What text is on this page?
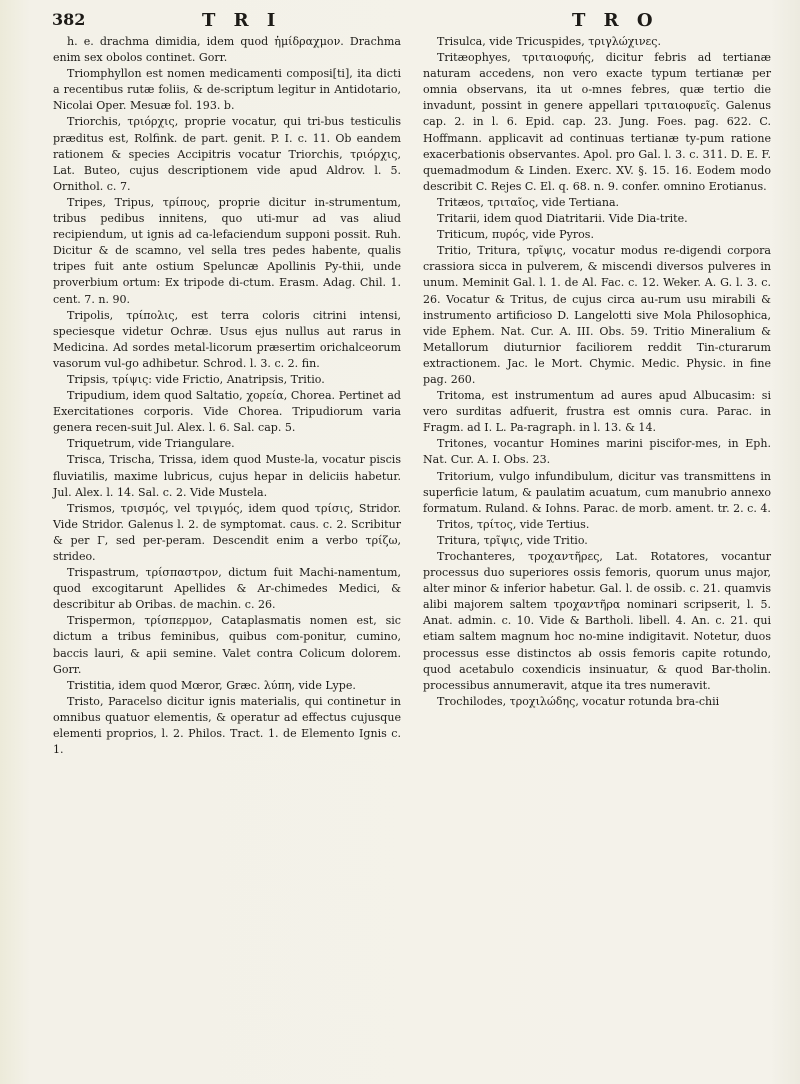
382	T R I	T R O

h. e. drachma dimidia, idem quod ἡμίδραχμον. Drachma enim sex obolos continet. Gorr.

Triomphyllon est nomen medicamenti composi[ti], ita dicti a recentibus rutæ foliis, & de-scriptum legitur in Antidotario, Nicolai Oper. Mesuæ fol. 193. b.

Triorchis, τριόρχις, proprie vocatur, qui tri-bus testiculis præditus est, Rolfink. de part. genit. P. I. c. 11. Ob eandem rationem & species Accipitris vocatur Triorchis, τριόρχις, Lat. Buteo, cujus descriptionem vide apud Aldrov. l. 5. Ornithol. c. 7.

Tripes, Tripus, τρίπους, proprie dicitur in-strumentum, tribus pedibus innitens, quo uti-mur ad vas aliud recipiendum, ut ignis ad ca-lefaciendum supponi possit. Ruh. Dicitur & de scamno, vel sella tres pedes habente, qualis tripes fuit ante ostium Speluncæ Apollinis Py-thii, unde proverbium ortum: Ex tripode di-ctum. Erasm. Adag. Chil. 1. cent. 7. n. 90.

Tripolis, τρίπολις, est terra coloris citrini intensi, speciesque videtur Ochræ. Usus ejus nullus aut rarus in Medicina. Ad sordes metal-licorum præsertim orichalceorum vasorum vul-go adhibetur. Schrod. l. 3. c. 2. fin.

Tripsis, τρίψις: vide Frictio, Anatripsis, Tritio.

Tripudium, idem quod Saltatio, χορεία, Chorea. Pertinet ad Exercitationes corporis. Vide Chorea. Tripudiorum varia genera recen-suit Jul. Alex. l. 6. Sal. cap. 5.

Triquetrum, vide Triangulare.

Trisca, Trischa, Trissa, idem quod Muste-la, vocatur piscis fluviatilis, maxime lubricus, cujus hepar in deliciis habetur. Jul. Alex. l. 14. Sal. c. 2. Vide Mustela.

Trismos, τρισμός, vel τριγμός, idem quod τρίσις, Stridor. Vide Stridor. Galenus l. 2. de symptomat. caus. c. 2. Scribitur & per Γ, sed per-peram. Descendit enim a verbo τρίζω, strideo.

Trispastrum, τρίσπαστρον, dictum fuit Machi-namentum, quod excogitarunt Apellides & Ar-chimedes Medici, & describitur ab Oribas. de machin. c. 26.

Trispermon, τρίσπερμον, Cataplasmatis nomen est, sic dictum a tribus feminibus, quibus com-ponitur, cumino, baccis lauri, & apii semine. Valet contra Colicum dolorem. Gorr.

Tristitia, idem quod Mœror, Græc. λύπη, vide Lype.

Tristo, Paracelso dicitur ignis materialis, qui continetur in omnibus quatuor elementis, & operatur ad effectus cujusque elementi proprios, l. 2. Philos. Tract. 1. de Elemento Ignis c. 1.

Trisulca, vide Tricuspides, τριγλώχινες.

Tritæophyes, τριταιοφυής, dicitur febris ad tertianæ naturam accedens, non vero exacte typum tertianæ per omnia observans, ita ut o-mnes febres, quæ tertio die invadunt, possint in genere appellari τριταιοφυεῖς. Galenus cap. 2. in l. 6. Epid. cap. 23. Jung. Foes. pag. 622. C. Hoffmann. applicavit ad continuas tertianæ ty-pum ratione exacerbationis observantes. Apol. pro Gal. l. 3. c. 311. D. E. F. quemadmodum & Linden. Exerc. XV. §. 15. 16. Eodem modo describit C. Rejes C. El. q. 68. n. 9. confer. omnino Erotianus.

Tritæos, τριταῖος, vide Tertiana.

Tritarii, idem quod Diatritarii. Vide Dia-trite.

Triticum, πυρός, vide Pyros.

Tritio, Tritura, τρῖψις, vocatur modus re-digendi corpora crassiora sicca in pulverem, & miscendi diversos pulveres in unum. Meminit Gal. l. 1. de Al. Fac. c. 12. Weker. A. G. l. 3. c. 26. Vocatur & Tritus, de cujus circa au-rum usu mirabili & instrumento artificioso D. Langelotti sive Mola Philosophica, vide Ephem. Nat. Cur. A. III. Obs. 59. Tritio Mineralium & Metallorum diuturnior faciliorem reddit Tin-cturarum extractionem. Jac. le Mort. Chymic. Medic. Physic. in fine pag. 260.

Tritoma, est instrumentum ad aures apud Albucasim: si vero surditas adfuerit, frustra est omnis cura. Parac. in Fragm. ad I. L. Pa-ragraph. in l. 13. & 14.

Tritones, vocantur Homines marini piscifor-mes, in Eph. Nat. Cur. A. I. Obs. 23.

Tritorium, vulgo infundibulum, dicitur vas transmittens in superficie latum, & paulatim acuatum, cum manubrio annexo formatum. Ruland. & Iohns. Parac. de morb. ament. tr. 2. c. 4.

Tritos, τρίτος, vide Tertius.

Tritura, τρῖψις, vide Tritio.

Trochanteres, τροχαντῆρες, Lat. Rotatores, vocantur processus duo superiores ossis femoris, quorum unus major, alter minor & inferior habetur. Gal. l. de ossib. c. 21. quamvis alibi majorem saltem τροχαντῆρα nominari scripserit, l. 5. Anat. admin. c. 10. Vide & Bartholi. libell. 4. An. c. 21. qui etiam saltem magnum hoc no-mine indigitavit. Notetur, duos processus esse distinctos ab ossis femoris capite rotundo, quod acetabulo coxendicis insinuatur, & quod Bar-tholin. processibus annumeravit, atque ita tres numeravit.

Trochilodes, τροχιλώδης, vocatur rotunda bra-chii
